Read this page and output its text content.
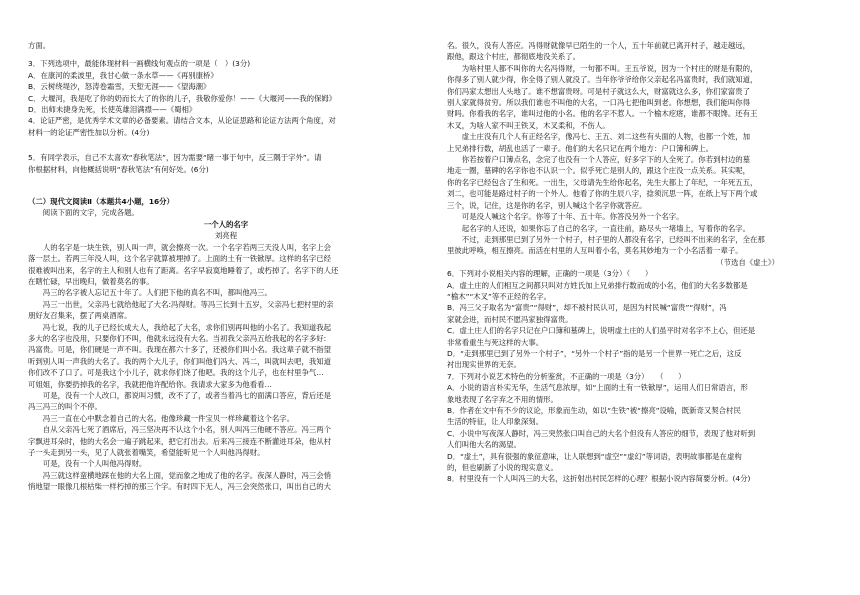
方面。

3．下列选项中，最能体现材料一画横线句观点的一项是（　）(3分)

A．在康河的柔波里，我甘心做一条水草——《再别康桥》

B．云树绕堤沙，怒涛卷霜雪，天堑无涯——《望海潮》

C．大堰河，我是吃了你的奶而长大了的你的儿子，我敬你爱你！——《大堰河——我的保姆》

D．出师未捷身先死，长使英雄泪满襟——《蜀相》

4．论证严密，是优秀学术文章的必备要素。请结合文本，从论证思路和论证方法两个角度，对

材料一的论证严密性加以分析。(4分)

5．有同学表示，自己不太喜欢“春秋笔法”，因为需要“睹一事于句中，反三隅于字外”。请

你根据材料，向他概括说明“春秋笔法”有何好处。(6分)

（二）现代文阅读Ⅱ（本题共4小题，16分）

阅读下面的文字，完成各题。

一个人的名字

刘亮程

人的名字是一块生铁，别人叫一声，就会擦亮一次。一个名字若两三天没人叫，名字上会

落一层土。若两三年没人叫，这个名字就算被埋掉了。上面的土有一铁锨厚。这样的名字已经

很难被叫出来，名字的主人和别人也有了距离。名字早寂寞地睡着了，或朽掉了。名字下的人还

在瞎忙碌，早出晚归，做着莫名的事。

冯三的名字被人忘记五十年了。人们把下他的真名不叫，都叫他冯三。

冯三一出世，父亲冯七就给他起了大名:冯得财。等冯三长到十五岁，父亲冯七把村里的亲

朋好友召集来，摆了两桌酒席。

冯七说，我的儿子已经长成大人，我给起了大名，求你们别再叫他的小名了。我知道我起

多大的名字也没用，只要你们不叫，他就永远没有大名。当初我父亲冯五给我起的名字多好:

冯富贵。可是，你们硬是一声不叫。我现在都六十多了，还被你们叫小名。我这辈子就不指望

听到别人叫一声我的大名了。我的两个大儿子，你们叫他们冯大、冯二，叫就叫去吧，我知道

你们改不了口了。可是我这个小儿子，就求你们饶了他吧。我的这个儿子，也在村里争气…

可姐姐，你要扔掉我的名字，我就把他许配给你。我请求大家多为他看看…

可是，没有一个人改口，都说叫习惯，改不了了，或者当着冯七的面满口答应，背后还是

冯三冯三的叫个不停。

冯三一直在心中默念着自己的大名。他像珍藏一件宝贝一样珍藏着这个名字。

自从父亲冯七死了酒席后，冯三坚决再不认这个小名，别人叫冯三他硬不答应。冯三两个

字飘进耳朵时，他的大名会一遍子跳起来，把它打出去。后来冯三接连不断灌进耳朵，他从村

子一头走到另一头，见了人就张着嘴笑，希望能听见一个人叫他冯得财。

可是，没有一个人叫他冯得财。

冯三就这样蛮横地踩在他的大名上面，觉而象之地成了他的名字。夜深人静时，冯三会悄

悄地望一眼像几根枯柴一样朽掉的那三个字。有时四下无人，冯三会突然张口，叫出自己的大

名。很久，没有人答应。冯得财就像早已陌生的一个人，五十年前就已离开村子，越走越远，

跟他，跟这个村庄，都彻底地没关系了。

为啥村里人都不叫你的大名冯得财，一句都不叫。王五爷说，因为一个村庄的财是有限的，

你得多了别人就少得，你全得了别人就没了。当年你爷爷给你父亲起名冯富贵时，我们就知道，

你们冯家太想出人头地了。谁不想富贵呀。可是村子就这么大，财富就这么多，你们家富贵了

别人家就得贫穷。所以我们谁也不叫他的大名，一口冯七把他叫到老。你想想，我们能叫你得

财吗。你看我的名字，谁叫过他的小名。他的名字不惹人。一个榆木疙瘩，谁都不眼馋。还有王

木叉，为啥人家不叫王铁叉，木叉柔和，不伤人。

虚土庄没有几个人有正经名字，像冯七、王五、刘二这些有头面的人物，也都一个姓，加

上兄弟排行数，胡乱也活了一辈子。他们的大名只记在两个地方：户口簿和碑上。

你若按着户口簿点名，念完了也没有一个人答应，好多字下的人全死了。你若到村边的墓

地走一圈，墓碑的名字你也不认识一个。似乎死亡是别人的，跟这个庄没一点关系。其实呢，

你的名字已经包含了生和死。一出生，父母请先生给你起名，先生大都上了年纪，一年死五五，

刘二，也可能是路过村子的一个外人。他看了你的生辰八字，捻须沉思一阵，在纸上写下两个或

三个，说，记住，这是你的名字，别人喊这个名字你就答应。

可是没人喊这个名字。你等了十年、五十年。你答没另外一个名字。

起名字的人还说，如果你忘了自己的名字，一直往前，路尽头一堵墙上，写着你的名字。

不过，走到那里已到了另外一个村子，村子里的人都没有名字，已经叫不出来的名字，全在那

里彼此呼唤，相互擦亮。而活在村里的人互叫着小名，莫名其妙地为一个小名活着一辈子。

（节选自《虚土》）

6．下列对小说相关内容的理解，正确的一项是（3分）（　　）

A．虚土庄的人们相互之间都只叫对方姓氏加上兄弟排行数而成的小名，他们的大名多数都是

“榆木”“木叉”等不正经的名字。

B．冯三父子取名为“富贵”“得财”，却不被村民认可，是因为村民喊“富贵”“得财”，冯

家就会进，而村民不愿冯家独得富贵。

C．虚土庄人们的名字只记在户口簿和墓碑上，说明虚土庄的人们虽平时对名字不上心，但还是

非常看重生与死这样的大事。

D．“走到那里已到了另外一个村子”，“另外一个村子”指的是另一个世界一死亡之后，这反

衬出现实世界的无奈。

7．下列对小说艺术特色的分析鉴赏，不正确的一项是（3分）　　（　　）

A．小说的语言朴实无华，生活气息浓厚，如“上面的土有一铁锨厚”，运用人们日常语言，形

象地表现了名字弃之不用的情形。

B．作者在文中有不少的议论，形象而生动，如以“生铁”被“擦亮”设喻，既新奇又契合村民

生活的特征，让人印象深刻。

C．小说中写夜深人静时，冯三突然张口叫自己的大名个但没有人答应的细节，表现了他对听到

人们叫他大名的渴望。

D．“虚土”，具有很强的象征意味，让人联想到“虚空”“虚幻”等词语，表明故事都是在虚构

的，但也刷新了小说的现实意义。

8．村里没有一个人叫冯三的大名，这折射出村民怎样的心理？根据小说内容简要分析。(4分)
